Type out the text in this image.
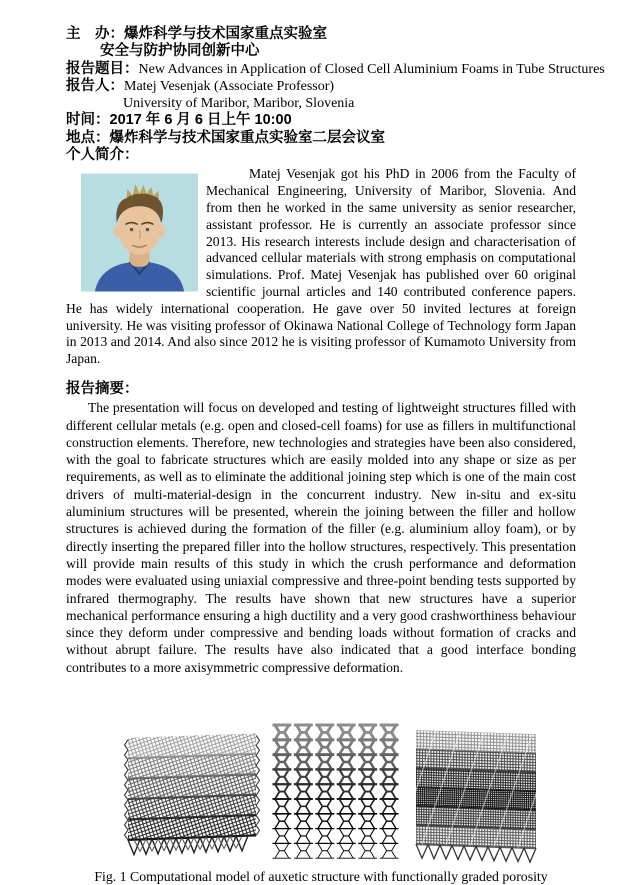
主　办：爆炸科学与技术国家重点实验室
安全与防护协同创新中心
报告题目：New Advances in Application of Closed Cell Aluminium Foams in Tube Structures
报告人：Matej Vesenjak (Associate Professor)
University of Maribor, Maribor, Slovenia
时间：2017 年 6 月 6 日上午 10:00
地点：爆炸科学与技术国家重点实验室二层会议室
个人简介：
Matej Vesenjak got his PhD in 2006 from the Faculty of Mechanical Engineering, University of Maribor, Slovenia. And from then he worked in the same university as senior researcher, assistant professor. He is currently an associate professor since 2013. His research interests include design and characterisation of advanced cellular materials with strong emphasis on computational simulations. Prof. Matej Vesenjak has published over 60 original scientific journal articles and 140 contributed conference papers. He has widely international cooperation. He gave over 50 invited lectures at foreign university. He was visiting professor of Okinawa National College of Technology form Japan in 2013 and 2014. And also since 2012 he is visiting professor of Kumamoto University from Japan.
报告摘要：

The presentation will focus on developed and testing of lightweight structures filled with different cellular metals (e.g. open and closed-cell foams) for use as fillers in multifunctional construction elements. Therefore, new technologies and strategies have been also considered, with the goal to fabricate structures which are easily molded into any shape or size as per requirements, as well as to eliminate the additional joining step which is one of the main cost drivers of multi-material-design in the concurrent industry. New in-situ and ex-situ aluminium structures will be presented, wherein the joining between the filler and hollow structures is achieved during the formation of the filler (e.g. aluminium alloy foam), or by directly inserting the prepared filler into the hollow structures, respectively. This presentation will provide main results of this study in which the crush performance and deformation modes were evaluated using uniaxial compressive and three-point bending tests supported by infrared thermography. The results have shown that new structures have a superior mechanical performance ensuring a high ductility and a very good crashworthiness behaviour since they deform under compressive and bending loads without formation of cracks and without abrupt failure. The results have also indicated that a good interface bonding contributes to a more axisymmetric compressive deformation.

Fig. 1 Computational model of auxetic structure with functionally graded porosity
